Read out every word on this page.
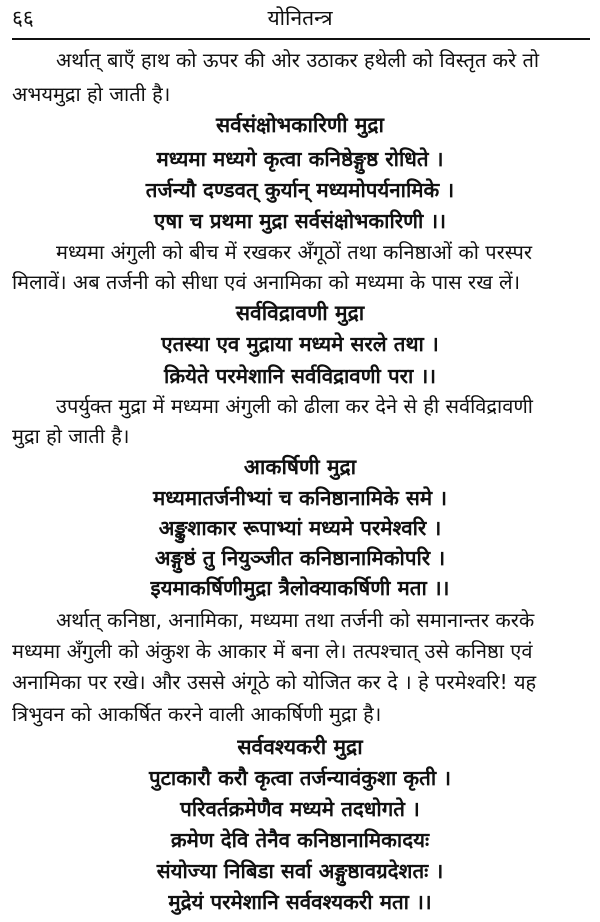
६६	योनितन्त्र
अर्थात् बाएँ हाथ को ऊपर की ओर उठाकर हथेली को विस्तृत करे तो
अभयमुद्रा हो जाती है।
सर्वसंक्षोभकारिणी मुद्रा
मध्यमा मध्यगे कृत्वा कनिष्ठेङ्गुष्ठ रोधिते ।
तर्जन्यौ दण्डवत् कुर्यान् मध्यमोपर्यनामिके ।
एषा च प्रथमा मुद्रा सर्वसंक्षोभकारिणी ।।
मध्यमा अंगुली को बीच में रखकर अँगूठों तथा कनिष्ठाओं को परस्पर
मिलावें। अब तर्जनी को सीधा एवं अनामिका को मध्यमा के पास रख लें।
सर्वविद्रावणी मुद्रा
एतस्या एव मुद्राया मध्यमे सरले तथा ।
क्रियेते परमेशानि सर्वविद्रावणी परा ।।
उपर्युक्त मुद्रा में मध्यमा अंगुली को ढीला कर देने से ही सर्वविद्रावणी
मुद्रा हो जाती है।
आकर्षिणी मुद्रा
मध्यमातर्जनीभ्यां च कनिष्ठानामिके समे ।
अङ्कुशाकार रूपाभ्यां मध्यमे परमेश्वरि ।
अङ्गुष्ठं तु नियुञ्जीत कनिष्ठानामिकोपरि ।
इयमाकर्षिणीमुद्रा त्रैलोक्याकर्षिणी मता ।।
अर्थात् कनिष्ठा, अनामिका, मध्यमा तथा तर्जनी को समानान्तर करके
मध्यमा अँगुली को अंकुश के आकार में बना ले। तत्पश्चात् उसे कनिष्ठा एवं
अनामिका पर रखे। और उससे अंगूठे को योजित कर दे । हे परमेश्वरि! यह
त्रिभुवन को आकर्षित करने वाली आकर्षिणी मुद्रा है।
सर्ववश्यकरी मुद्रा
पुटाकारौ करौ कृत्वा तर्जन्यावंकुशा कृती ।
परिवर्तक्रमेणैव मध्यमे तदधोगते ।
क्रमेण देवि तेनैव कनिष्ठानामिकादयः
संयोज्या निबिडा सर्वा अङ्गुष्ठावग्रदेशतः ।
मुद्रेयं परमेशानि सर्ववश्यकरी मता ।।
